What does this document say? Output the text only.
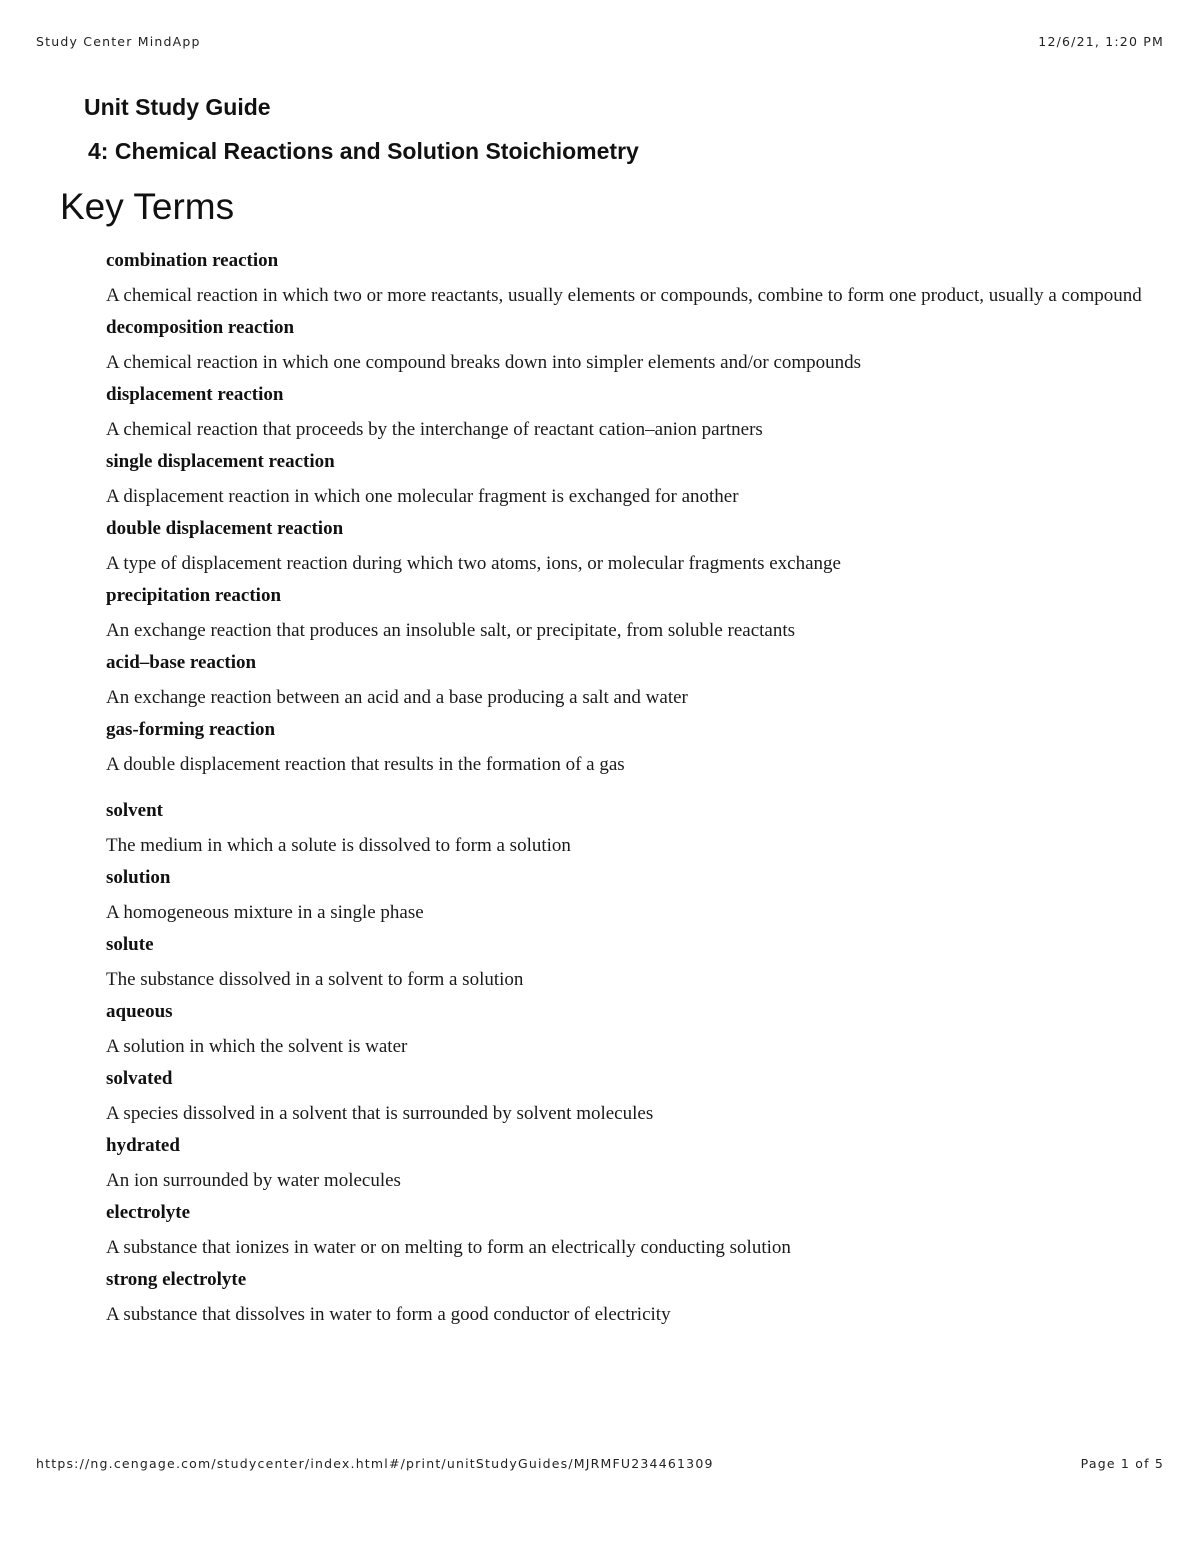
Study Center MindApp	12/6/21, 1:20 PM
Unit Study Guide
4: Chemical Reactions and Solution Stoichiometry
Key Terms
combination reaction
A chemical reaction in which two or more reactants, usually elements or compounds, combine to form one product, usually a compound
decomposition reaction
A chemical reaction in which one compound breaks down into simpler elements and/or compounds
displacement reaction
A chemical reaction that proceeds by the interchange of reactant cation–anion partners
single displacement reaction
A displacement reaction in which one molecular fragment is exchanged for another
double displacement reaction
A type of displacement reaction during which two atoms, ions, or molecular fragments exchange
precipitation reaction
An exchange reaction that produces an insoluble salt, or precipitate, from soluble reactants
acid–base reaction
An exchange reaction between an acid and a base producing a salt and water
gas-forming reaction
A double displacement reaction that results in the formation of a gas
solvent
The medium in which a solute is dissolved to form a solution
solution
A homogeneous mixture in a single phase
solute
The substance dissolved in a solvent to form a solution
aqueous
A solution in which the solvent is water
solvated
A species dissolved in a solvent that is surrounded by solvent molecules
hydrated
An ion surrounded by water molecules
electrolyte
A substance that ionizes in water or on melting to form an electrically conducting solution
strong electrolyte
A substance that dissolves in water to form a good conductor of electricity
https://ng.cengage.com/studycenter/index.html#/print/unitStudyGuides/MJRMFU234461309	Page 1 of 5
